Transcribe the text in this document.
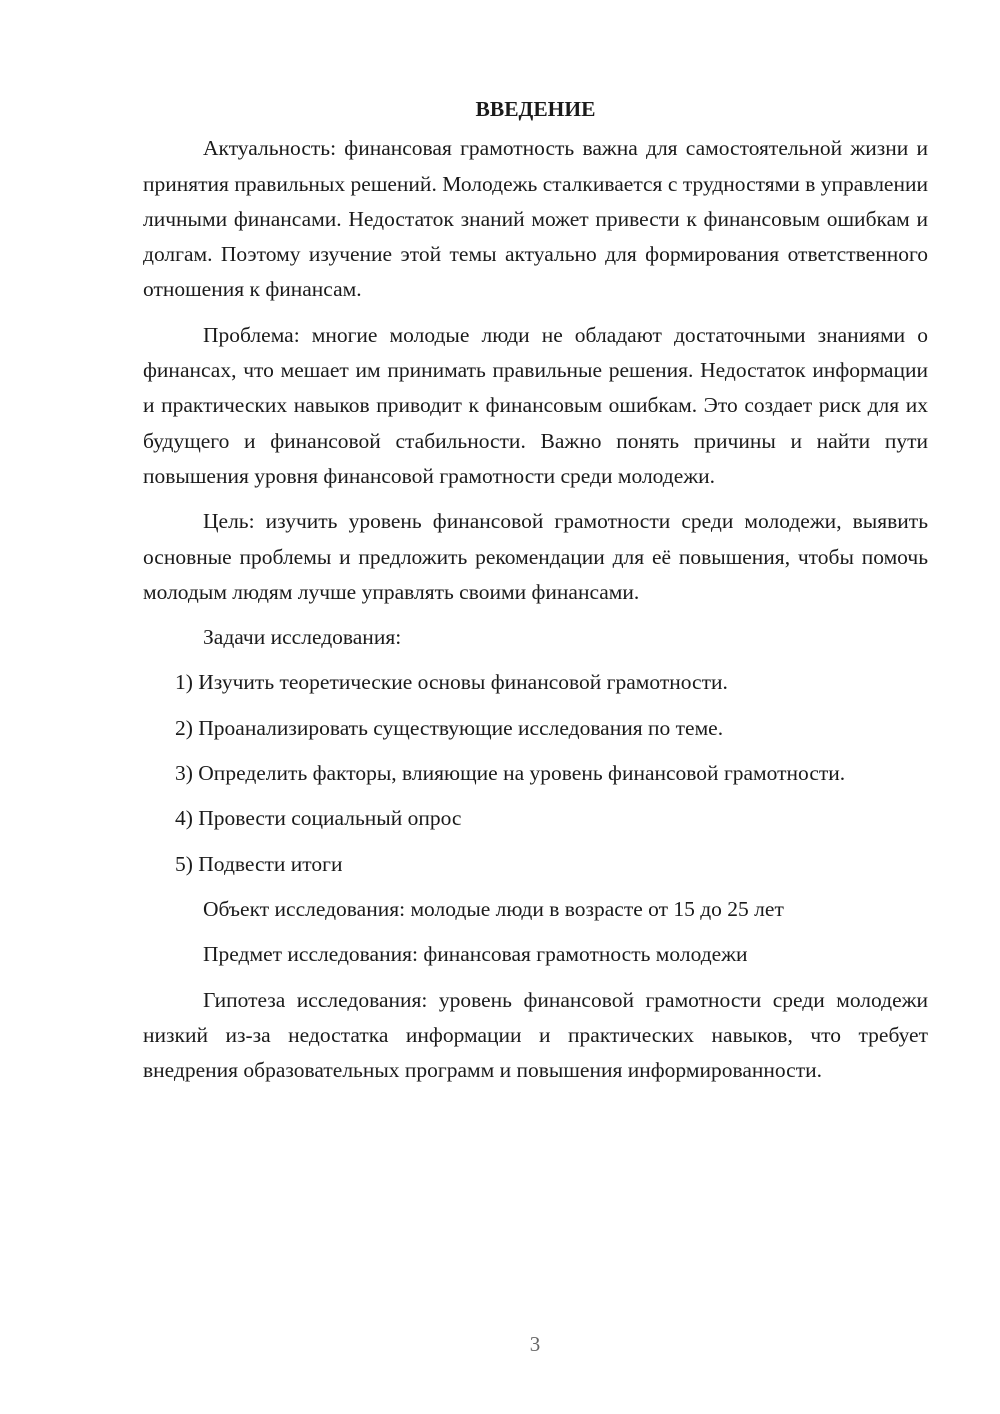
ВВЕДЕНИЕ

Актуальность: финансовая грамотность важна для самостоятельной жизни и принятия правильных решений. Молодежь сталкивается с трудностями в управлении личными финансами. Недостаток знаний может привести к финансовым ошибкам и долгам. Поэтому изучение этой темы актуально для формирования ответственного отношения к финансам.

Проблема: многие молодые люди не обладают достаточными знаниями о финансах, что мешает им принимать правильные решения. Недостаток информации и практических навыков приводит к финансовым ошибкам. Это создает риск для их будущего и финансовой стабильности. Важно понять причины и найти пути повышения уровня финансовой грамотности среди молодежи.

Цель: изучить уровень финансовой грамотности среди молодежи, выявить основные проблемы и предложить рекомендации для её повышения, чтобы помочь молодым людям лучше управлять своими финансами.

Задачи исследования:

1) Изучить теоретические основы финансовой грамотности.

2) Проанализировать существующие исследования по теме.

3) Определить факторы, влияющие на уровень финансовой грамотности.

4) Провести социальный опрос

5) Подвести итоги

Объект исследования: молодые люди в возрасте от 15 до 25 лет

Предмет исследования: финансовая грамотность молодежи

Гипотеза исследования: уровень финансовой грамотности среди молодежи низкий из-за недостатка информации и практических навыков, что требует внедрения образовательных программ и повышения информированности.

3
